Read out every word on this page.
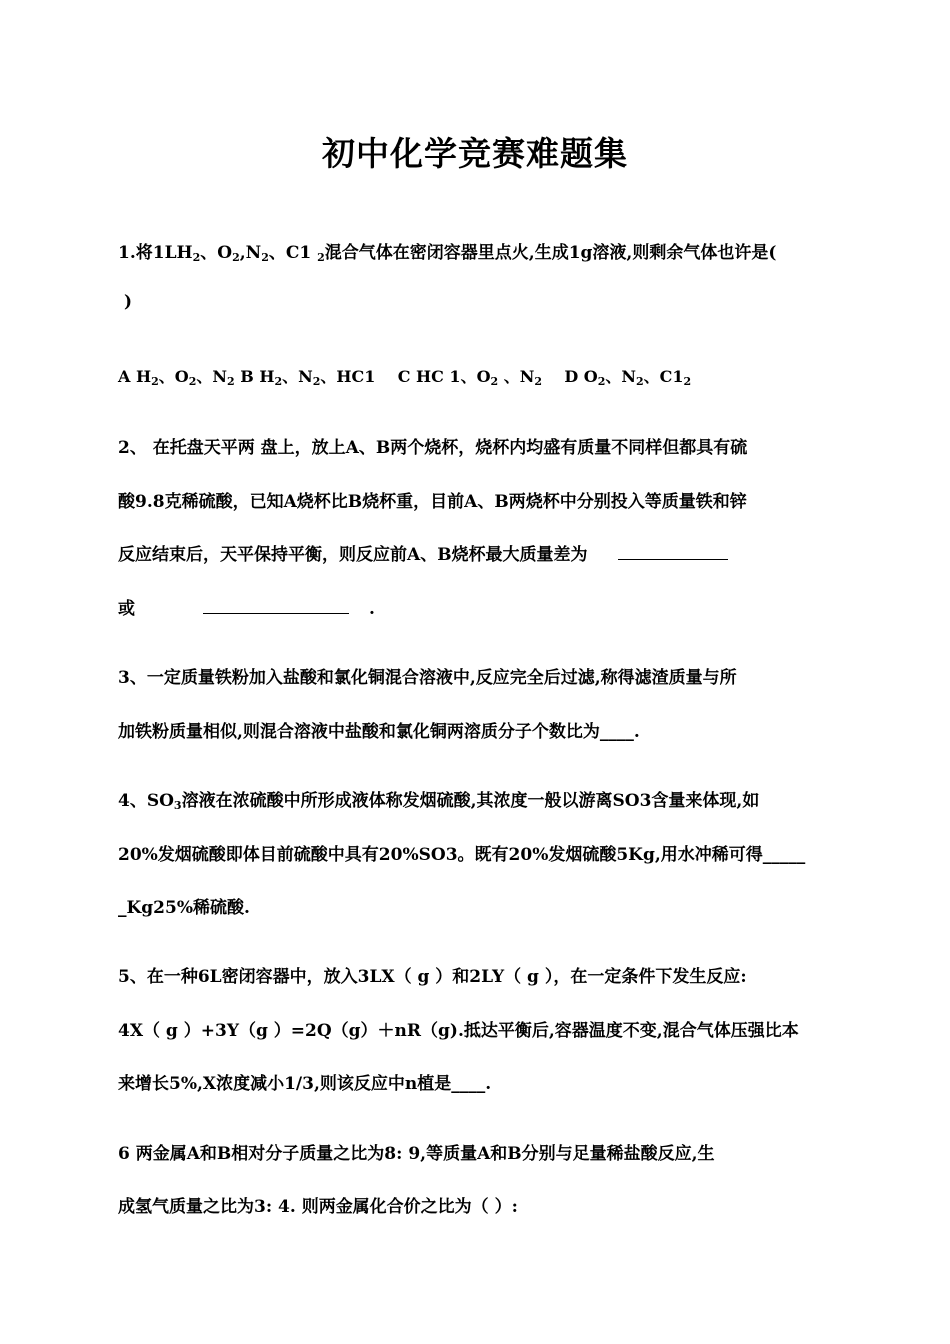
初中化学竞赛难题集
1.将$1LH_2$、$O_2,N_2$、C1 $_2$混合气体在密闭容器里点火,生成1g溶液,则剩余气体也许是(
)
A $H_2$、$O_2$、$N_2$ B $H_2$、$N_2$、HC1 C HC 1、$O_2$ 、$N_2$ D $O_2$、$N_2$、$C1_2$
2、 在托盘天平两 盘上，放上A、B两个烧杯，烧杯内均盛有质量不同样但都具有硫
酸9.8克稀硫酸，已知A烧杯比B烧杯重，目前A、B两烧杯中分别投入等质量铁和锌
反应结束后，天平保持平衡，则反应前A、B烧杯最大质量差为
或	.
3、一定质量铁粉加入盐酸和氯化铜混合溶液中,反应完全后过滤,称得滤渣质量与所
加铁粉质量相似,则混合溶液中盐酸和氯化铜两溶质分子个数比为____.
4、$SO_3$溶液在浓硫酸中所形成液体称发烟硫酸,其浓度一般以游离SO3含量来体现,如
20%发烟硫酸即体目前硫酸中具有20%SO3。既有20%发烟硫酸5Kg,用水冲稀可得_____
_Kg25%稀硫酸.
5、在一种6L密闭容器中，放入3LX（ g ）和2LY（ g ），在一定条件下发生反应:
4X（ g ）+3Y（g ）=2Q（g）＋nR（g).抵达平衡后,容器温度不变,混合气体压强比本
来增长5%,X浓度减小1/3,则该反应中n植是____.
6 两金属A和B相对分子质量之比为8: 9,等质量A和B分别与足量稀盐酸反应,生
成氢气质量之比为3: 4. 则两金属化合价之比为（ ）:
